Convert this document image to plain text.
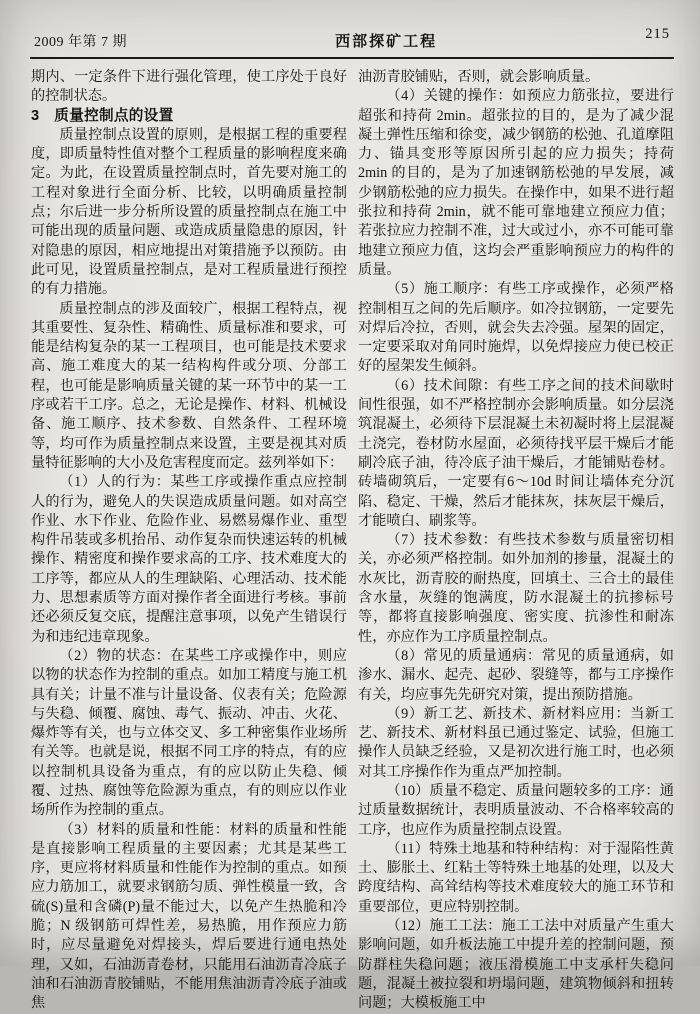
2009 年第 7 期	西部探矿工程	215

期内、一定条件下进行强化管理，使工序处于良好的控制状态。

3　质量控制点的设置

质量控制点设置的原则，是根据工程的重要程度，即质量特性值对整个工程质量的影响程度来确定。为此，在设置质量控制点时，首先要对施工的工程对象进行全面分析、比较，以明确质量控制点；尔后进一步分析所设置的质量控制点在施工中可能出现的质量问题、或造成质量隐患的原因，针对隐患的原因，相应地提出对策措施予以预防。由此可见，设置质量控制点，是对工程质量进行预控的有力措施。

质量控制点的涉及面较广，根据工程特点，视其重要性、复杂性、精确性、质量标准和要求，可能是结构复杂的某一工程项目，也可能是技术要求高、施工难度大的某一结构构件或分项、分部工程，也可能是影响质量关键的某一环节中的某一工序或若干工序。总之，无论是操作、材料、机械设备、施工顺序、技术参数、自然条件、工程环境等，均可作为质量控制点来设置，主要是视其对质量特征影响的大小及危害程度而定。兹列举如下：

（1）人的行为：某些工序或操作重点应控制人的行为，避免人的失误造成质量问题。如对高空作业、水下作业、危险作业、易燃易爆作业、重型构件吊装或多机抬吊、动作复杂而快速运转的机械操作、精密度和操作要求高的工序、技术难度大的工序等，都应从人的生理缺陷、心理活动、技术能力、思想素质等方面对操作者全面进行考核。事前还必须反复交底，提醒注意事项，以免产生错误行为和违纪违章现象。

（2）物的状态：在某些工序或操作中，则应以物的状态作为控制的重点。如加工精度与施工机具有关；计量不准与计量设备、仪表有关；危险源与失稳、倾覆、腐蚀、毒气、振动、冲击、火花、爆炸等有关，也与立体交叉、多工种密集作业场所有关等。也就是说，根据不同工序的特点，有的应以控制机具设备为重点，有的应以防止失稳、倾覆、过热、腐蚀等危险源为重点，有的则应以作业场所作为控制的重点。

（3）材料的质量和性能：材料的质量和性能是直接影响工程质量的主要因素；尤其是某些工序，更应将材料质量和性能作为控制的重点。如预应力筋加工，就要求钢筋匀质、弹性模量一致，含硫(S)量和含磷(P)量不能过大，以免产生热脆和冷脆；N 级钢筋可焊性差，易热脆，用作预应力筋时，应尽量避免对焊接头，焊后要进行通电热处理，又如，石油沥青卷材，只能用石油沥青冷底子油和石油沥青胶铺贴，不能用焦油沥青冷底子油或焦

油沥青胶铺贴，否则，就会影响质量。

（4）关键的操作：如预应力筋张拉，要进行超张和持荷 2min。超张拉的目的，是为了减少混凝土弹性压缩和徐变，减少钢筋的松弛、孔道摩阻力、锚具变形等原因所引起的应力损失；持荷 2min 的目的，是为了加速钢筋松弛的早发展，减少钢筋松弛的应力损失。在操作中，如果不进行超张拉和持荷 2min，就不能可靠地建立预应力值；若张拉应力控制不准，过大或过小，亦不可能可靠地建立预应力值，这均会严重影响预应力的构件的质量。

（5）施工顺序：有些工序或操作，必须严格控制相互之间的先后顺序。如冷拉钢筋，一定要先对焊后冷拉，否则，就会失去冷强。屋架的固定，一定要采取对角同时施焊，以免焊接应力使已校正好的屋架发生倾斜。

（6）技术间隙：有些工序之间的技术间歇时间性很强，如不严格控制亦会影响质量。如分层浇筑混凝土，必须待下层混凝土未初凝时将上层混凝土浇完，卷材防水屋面，必须待找平层干燥后才能刷冷底子油，待冷底子油干燥后，才能铺贴卷材。砖墙砌筑后，一定要有6～10d 时间让墙体充分沉陷、稳定、干燥，然后才能抹灰，抹灰层干燥后，才能喷白、刷浆等。

（7）技术参数：有些技术参数与质量密切相关，亦必须严格控制。如外加剂的掺量，混凝土的水灰比，沥青胶的耐热度，回填土、三合土的最佳含水量，灰缝的饱满度，防水混凝土的抗掺标号等，都将直接影响强度、密实度、抗渗性和耐冻性，亦应作为工序质量控制点。

（8）常见的质量通病：常见的质量通病，如渗水、漏水、起壳、起砂、裂缝等，都与工序操作有关，均应事先先研究对策，提出预防措施。

（9）新工艺、新技术、新材料应用：当新工艺、新技术、新材料虽已通过鉴定、试验，但施工操作人员缺乏经验，又是初次进行施工时，也必须对其工序操作作为重点严加控制。

（10）质量不稳定、质量问题较多的工序：通过质量数据统计，表明质量波动、不合格率较高的工序，也应作为质量控制点设置。

（11）特殊土地基和特种结构：对于湿陷性黄土、膨胀土、红粘土等特殊土地基的处理，以及大跨度结构、高耸结构等技术难度较大的施工环节和重要部位，更应特别控制。

（12）施工工法：施工工法中对质量产生重大影响问题，如升板法施工中提升差的控制问题，预防群柱失稳问题；液压滑模施工中支承杆失稳问题，混凝土被拉裂和坍塌问题，建筑物倾斜和扭转问题；大模板施工中
